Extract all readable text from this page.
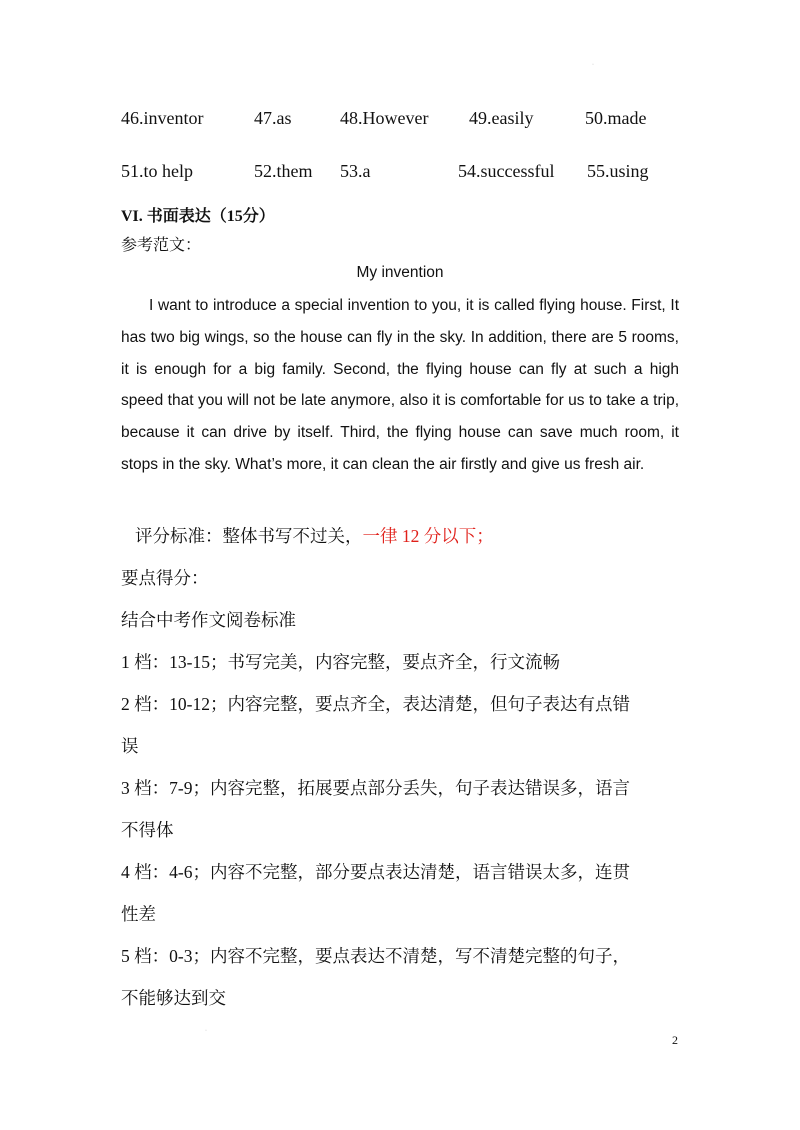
·
46.inventor	47.as	48.However 49.easily	50.made
51.to help	52.them 53.a	54.successful 55.using
VI. 书面表达（15分）
参考范文：
My invention

I want to introduce a special invention to you, it is called flying house. First, It has two big wings, so the house can fly in the sky. In addition, there are 5 rooms, it is enough for a big family. Second, the flying house can fly at such a high speed that you will not be late anymore, also it is comfortable for us to take a trip, because it can drive by itself. Third, the flying house can save much room, it stops in the sky. What’s more, it can clean the air firstly and give us fresh air.

评分标准：整体书写不过关，一律 12 分以下；
要点得分：
结合中考作文阅卷标准
1 档：13-15；书写完美，内容完整，要点齐全，行文流畅
2 档：10-12；内容完整，要点齐全，表达清楚，但句子表达有点错
误
3 档：7-9；内容完整，拓展要点部分丢失，句子表达错误多，语言
不得体
4 档：4-6；内容不完整，部分要点表达清楚，语言错误太多，连贯
性差
5 档：0-3；内容不完整，要点表达不清楚，写不清楚完整的句子，
不能够达到交
·
2
